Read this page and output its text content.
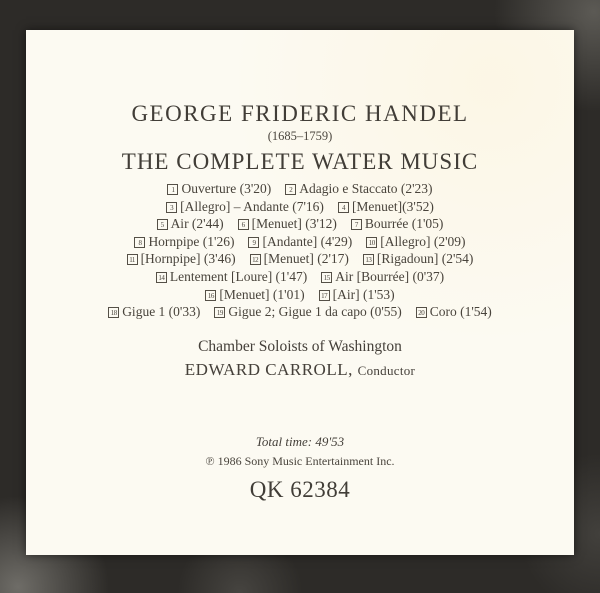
GEORGE FRIDERIC HANDEL
(1685–1759)
THE COMPLETE WATER MUSIC
1 Ouverture (3'20)	2 Adagio e Staccato (2'23)
3 [Allegro] – Andante (7'16)	4 [Menuet](3'52)
5 Air (2'44)	6 [Menuet] (3'12)	7 Bourrée (1'05)
8 Hornpipe (1'26)	9 [Andante] (4'29) 10 [Allegro] (2'09)
11 [Hornpipe] (3'46) 12 [Menuet] (2'17) 13 [Rigadoun] (2'54)
14 Lentement [Loure] (1'47) 15 Air [Bourrée] (0'37)
16 [Menuet] (1'01) 17 [Air] (1'53)
18 Gigue 1 (0'33) 19 Gigue 2; Gigue 1 da capo (0'55) 20 Coro (1'54)
Chamber Soloists of Washington
EDWARD CARROLL, Conductor
Total time: 49'53
℗ 1986 Sony Music Entertainment Inc.
QK 62384
